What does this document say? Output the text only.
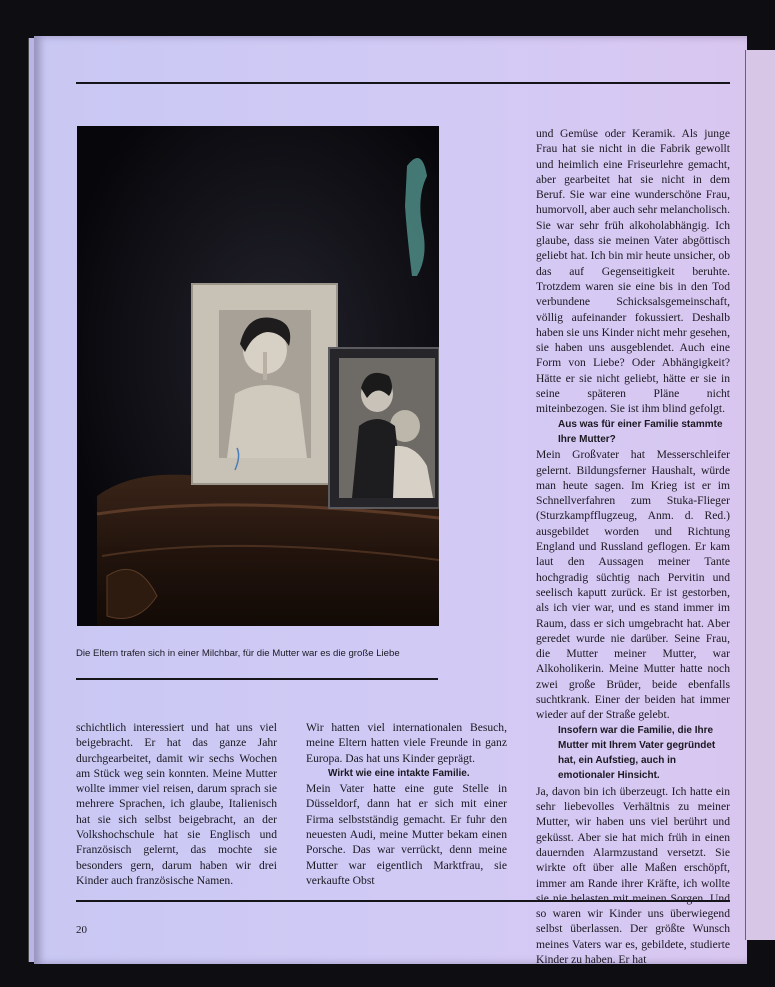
Die Eltern trafen sich in einer Milchbar, für die Mutter war es die große Liebe

und Gemüse oder Keramik. Als junge Frau hat sie nicht in die Fabrik gewollt und heimlich eine Friseurlehre gemacht, aber gearbeitet hat sie nicht in dem Beruf. Sie war eine wunderschöne Frau, humorvoll, aber auch sehr melancholisch. Sie war sehr früh alkoholabhängig. Ich glaube, dass sie meinen Vater abgöttisch geliebt hat. Ich bin mir heute unsicher, ob das auf Gegenseitigkeit beruhte. Trotzdem waren sie eine bis in den Tod verbundene Schicksalsgemeinschaft, völlig aufeinander fokussiert. Deshalb haben sie uns Kinder nicht mehr gesehen, sie haben uns ausgeblendet. Auch eine Form von Liebe? Oder Abhängigkeit? Hätte er sie nicht geliebt, hätte er sie in seine späteren Pläne nicht miteinbezogen. Sie ist ihm blind gefolgt.

Aus was für einer Familie stammte Ihre Mutter?

Mein Großvater hat Messerschleifer gelernt. Bildungsferner Haushalt, würde man heute sagen. Im Krieg ist er im Schnellverfahren zum Stuka-Flieger (Sturzkampfflugzeug, Anm. d. Red.) ausgebildet worden und Richtung England und Russland geflogen. Er kam laut den Aussagen meiner Tante hochgradig süchtig nach Pervitin und seelisch kaputt zurück. Er ist gestorben, als ich vier war, und es stand immer im Raum, dass er sich umgebracht hat. Aber geredet wurde nie darüber. Seine Frau, die Mutter meiner Mutter, war Alkoholikerin. Meine Mutter hatte noch zwei große Brüder, beide ebenfalls suchtkrank. Einer der beiden hat immer wieder auf der Straße gelebt.

Insofern war die Familie, die Ihre Mutter mit Ihrem Vater gegründet hat, ein Aufstieg, auch in emotionaler Hinsicht.

Ja, davon bin ich überzeugt. Ich hatte ein sehr liebevolles Verhältnis zu meiner Mutter, wir haben uns viel berührt und geküsst. Aber sie hat mich früh in einen dauernden Alarmzustand versetzt. Sie wirkte oft über alle Maßen erschöpft, immer am Rande ihrer Kräfte, ich wollte sie nie belasten mit meinen Sorgen. Und so waren wir Kinder uns überwiegend selbst überlassen. Der größte Wunsch meines Vaters war es, gebildete, studierte Kinder zu haben. Er hat

schichtlich interessiert und hat uns viel beigebracht. Er hat das ganze Jahr durchgearbeitet, damit wir sechs Wochen am Stück weg sein konnten. Meine Mutter wollte immer viel reisen, darum sprach sie mehrere Sprachen, ich glaube, Italienisch hat sie sich selbst beigebracht, an der Volkshochschule hat sie Englisch und Französisch gelernt, das mochte sie besonders gern, darum haben wir drei Kinder auch französische Namen.

Wir hatten viel internationalen Besuch, meine Eltern hatten viele Freunde in ganz Europa. Das hat uns Kinder geprägt.

Wirkt wie eine intakte Familie.

Mein Vater hatte eine gute Stelle in Düsseldorf, dann hat er sich mit einer Firma selbstständig gemacht. Er fuhr den neuesten Audi, meine Mutter bekam einen Porsche. Das war verrückt, denn meine Mutter war eigentlich Marktfrau, sie verkaufte Obst

20
